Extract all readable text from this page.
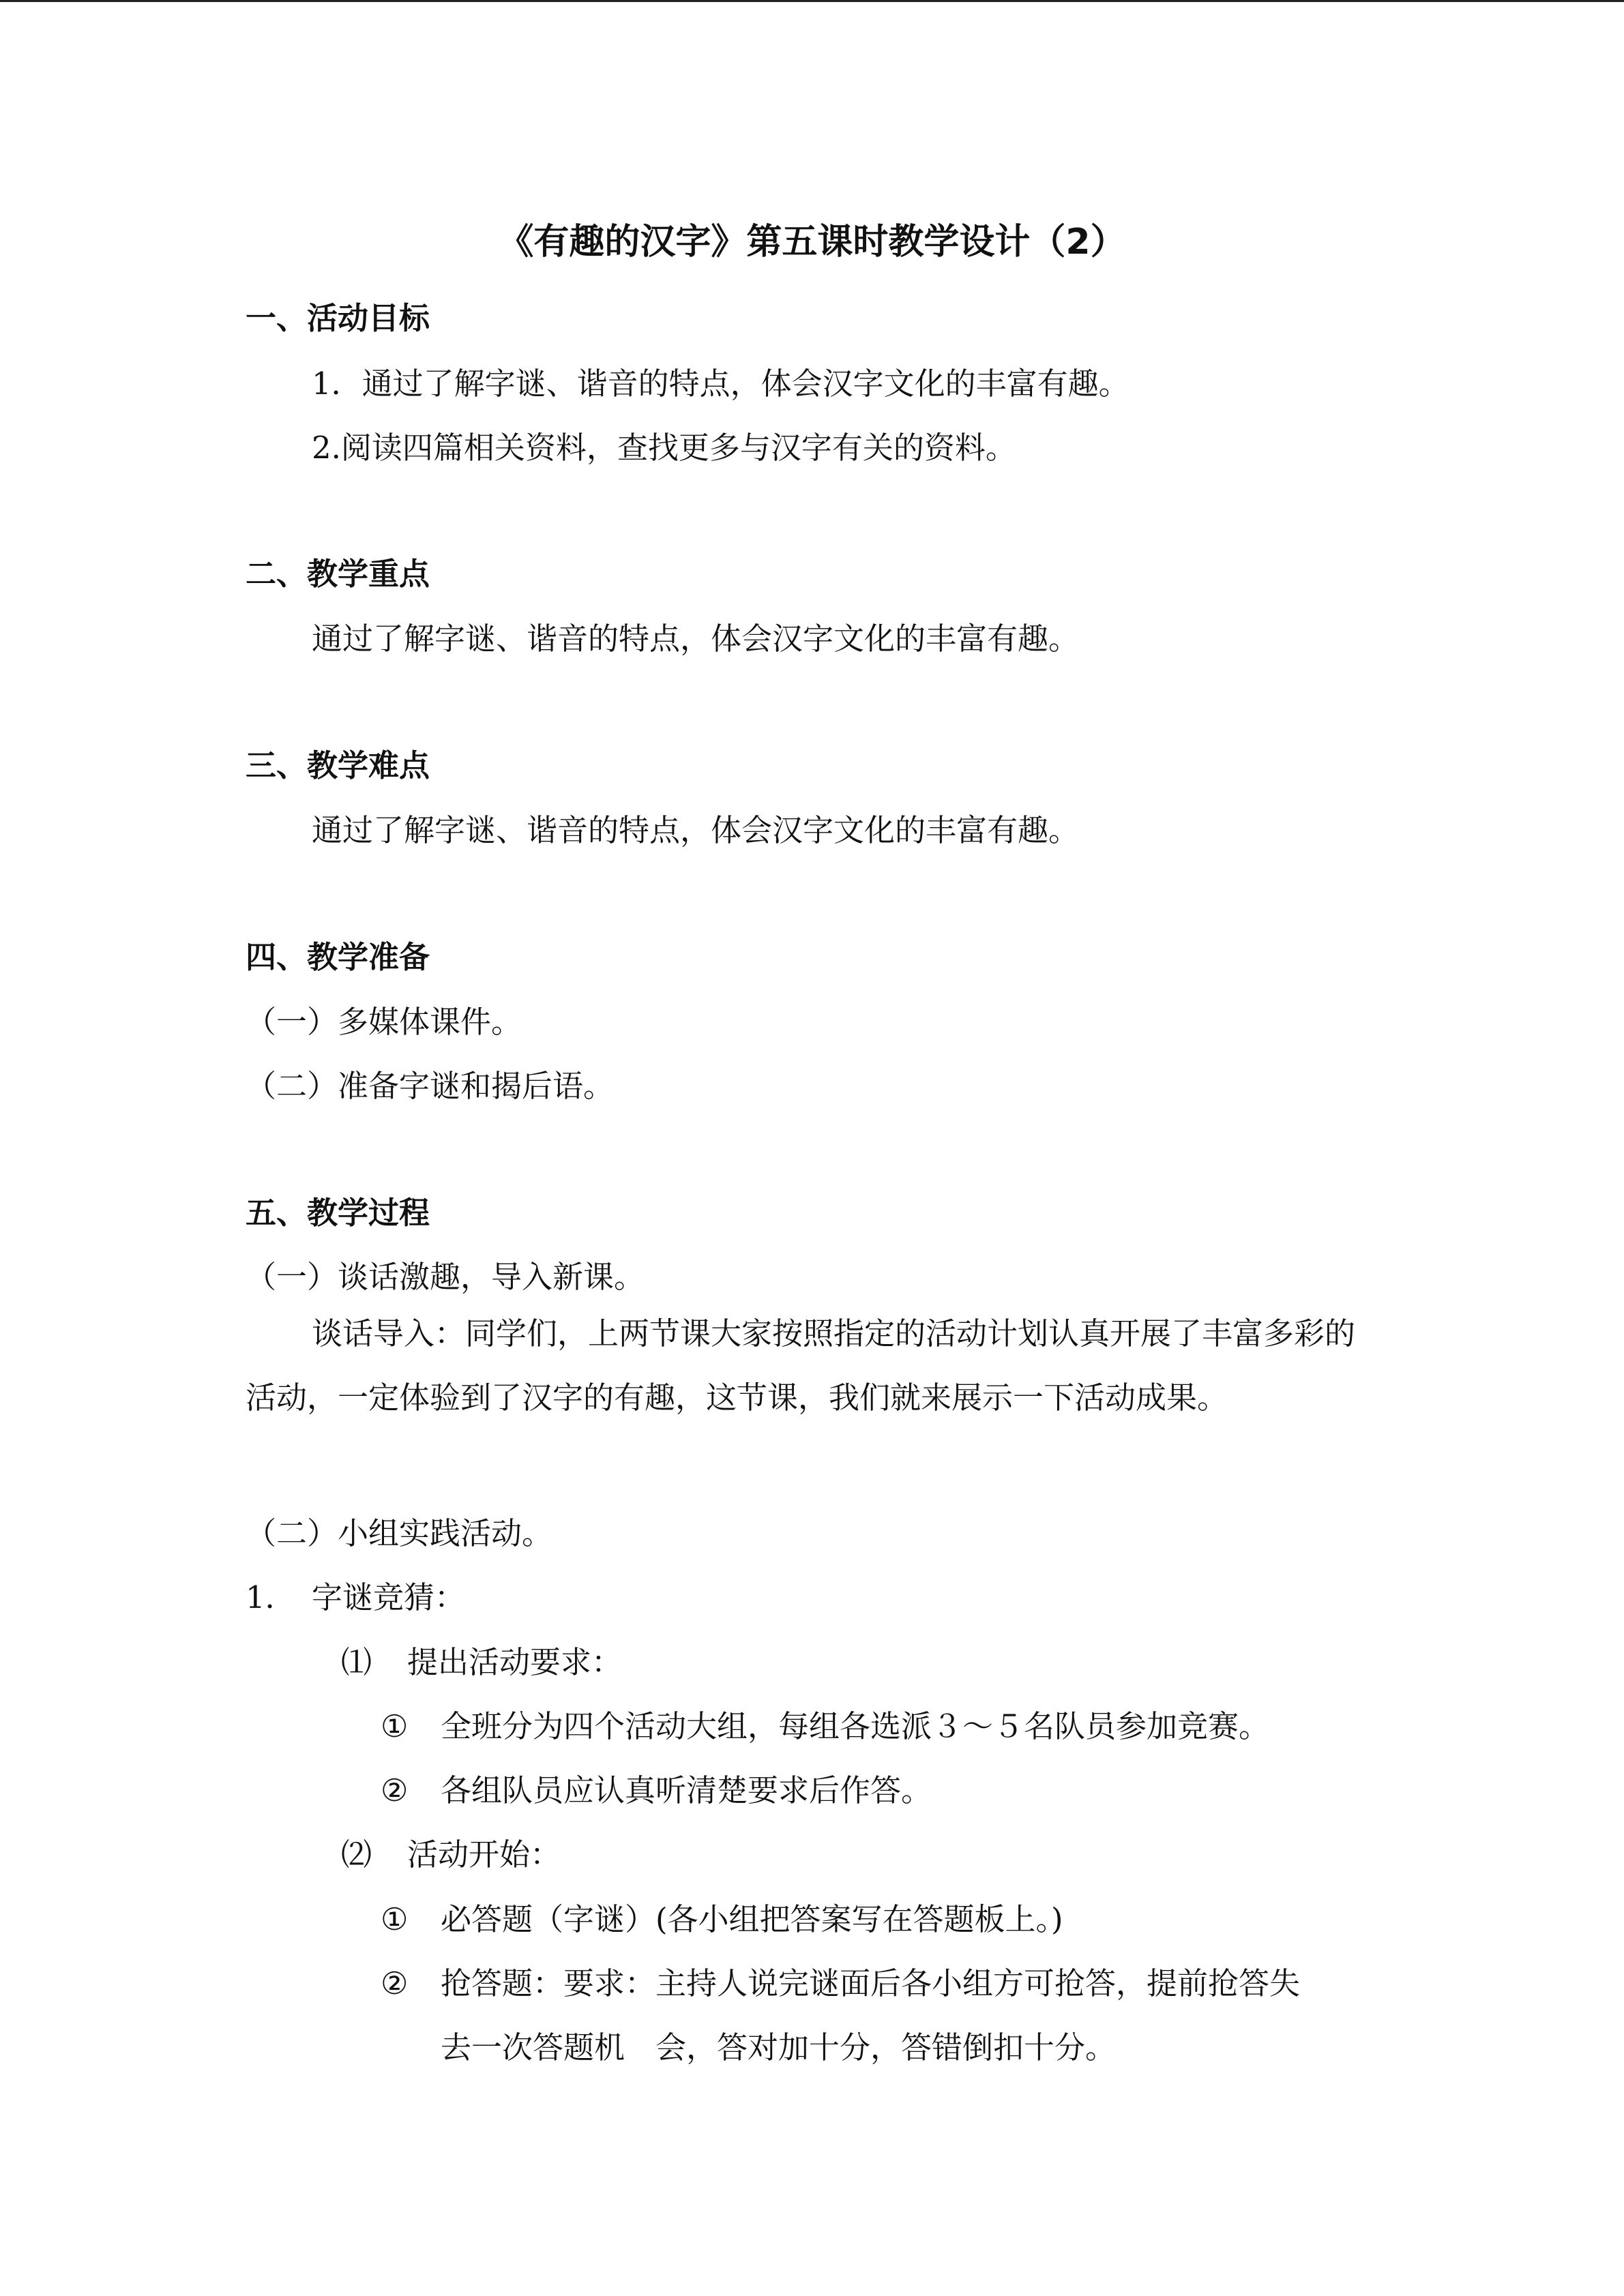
《有趣的汉字》第五课时教学设计（2）
一、活动目标
1．通过了解字谜、谐音的特点，体会汉字文化的丰富有趣。
2.阅读四篇相关资料，查找更多与汉字有关的资料。
二、教学重点
通过了解字谜、谐音的特点，体会汉字文化的丰富有趣。
三、教学难点
通过了解字谜、谐音的特点，体会汉字文化的丰富有趣。
四、教学准备
（一）多媒体课件。
（二）准备字谜和揭后语。
五、教学过程
（一）谈话激趣，导入新课。
谈话导入：同学们，上两节课大家按照指定的活动计划认真开展了丰富多彩的活动，一定体验到了汉字的有趣，这节课，我们就来展示一下活动成果。
（二）小组实践活动。
1． 字谜竞猜：
⑴ 提出活动要求：
① 全班分为四个活动大组，每组各选派３～５名队员参加竞赛。
② 各组队员应认真听清楚要求后作答。
⑵ 活动开始：
① 必答题（字谜）(各小组把答案写在答题板上。)
② 抢答题：要求：主持人说完谜面后各小组方可抢答，提前抢答失
去一次答题机　会，答对加十分，答错倒扣十分。
